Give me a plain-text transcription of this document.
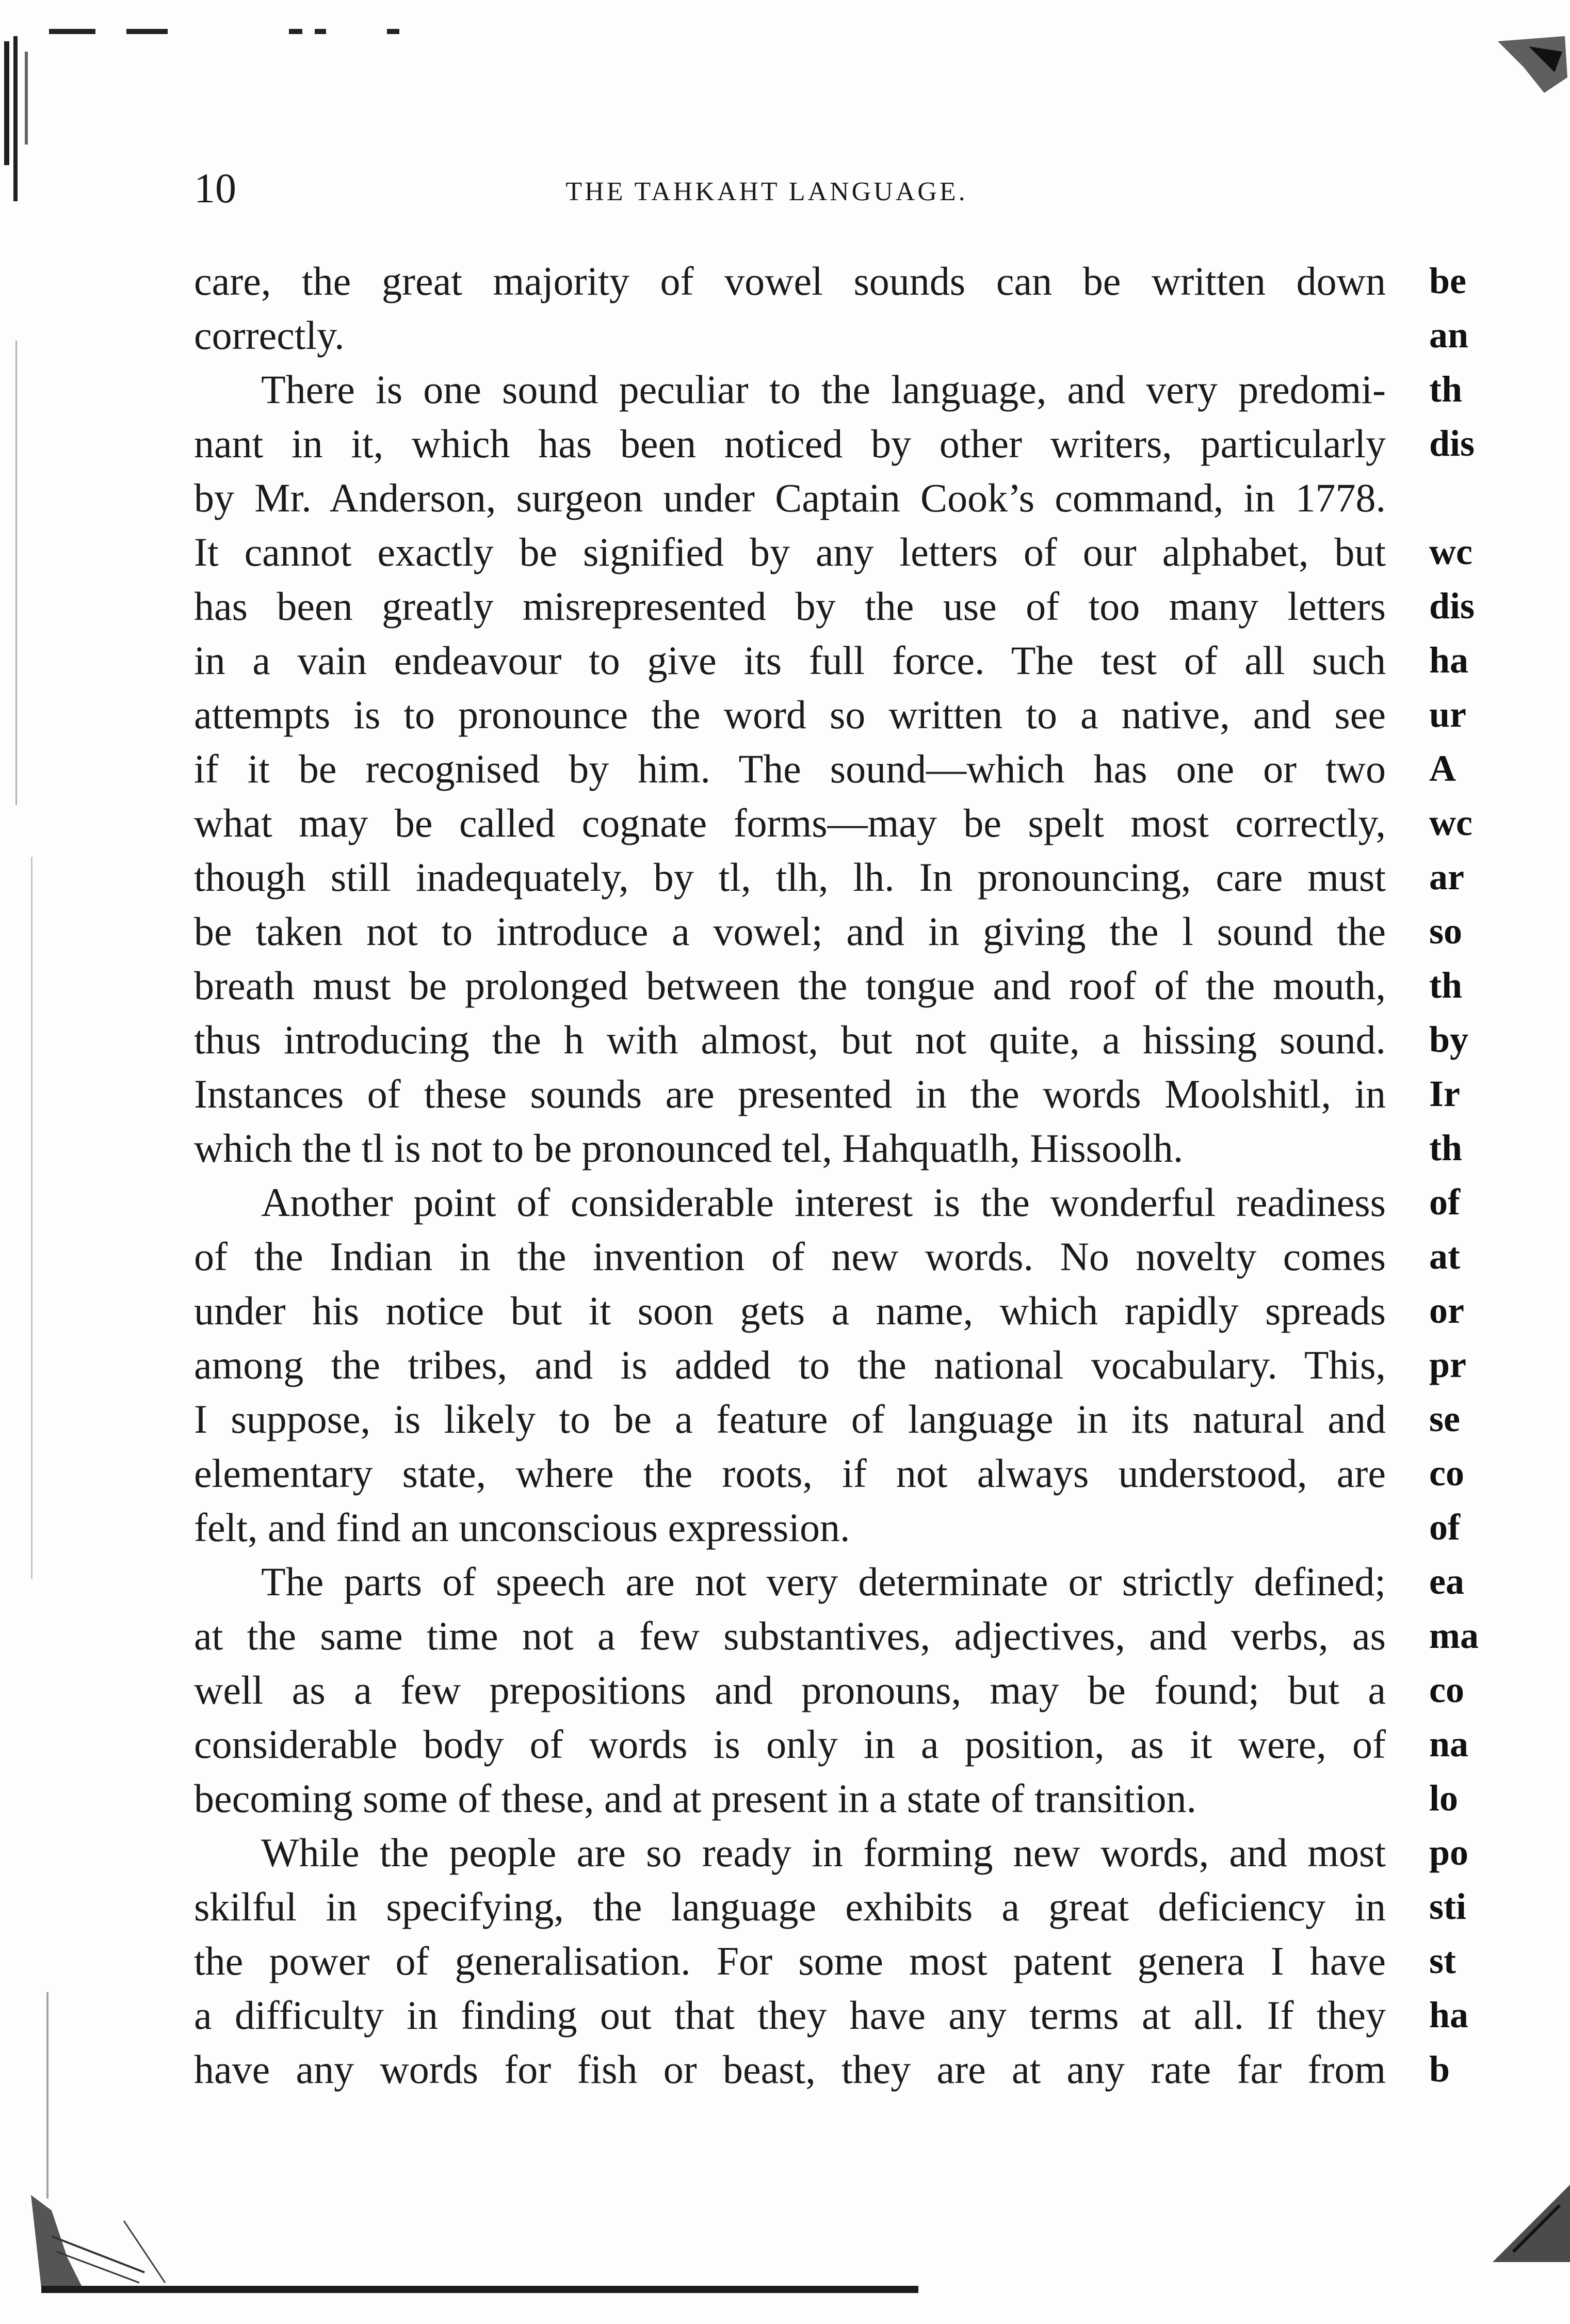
10	THE TAHKAHT LANGUAGE.

care, the great majority of vowel sounds can be written down
correctly.

There is one sound peculiar to the language, and very predomi-
nant in it, which has been noticed by other writers, particularly
by Mr. Anderson, surgeon under Captain Cook’s command, in 1778.
It cannot exactly be signified by any letters of our alphabet, but
has been greatly misrepresented by the use of too many letters
in a vain endeavour to give its full force. The test of all such
attempts is to pronounce the word so written to a native, and see
if it be recognised by him. The sound—which has one or two
what may be called cognate forms—may be spelt most correctly,
though still inadequately, by tl, tlh, lh. In pronouncing, care must
be taken not to introduce a vowel; and in giving the l sound the
breath must be prolonged between the tongue and roof of the mouth,
thus introducing the h with almost, but not quite, a hissing sound.
Instances of these sounds are presented in the words Moolshitl, in
which the tl is not to be pronounced tel, Hahquatlh, Hissoolh.

Another point of considerable interest is the wonderful readiness
of the Indian in the invention of new words. No novelty comes
under his notice but it soon gets a name, which rapidly spreads
among the tribes, and is added to the national vocabulary. This,
I suppose, is likely to be a feature of language in its natural and
elementary state, where the roots, if not always understood, are
felt, and find an unconscious expression.

The parts of speech are not very determinate or strictly defined;
at the same time not a few substantives, adjectives, and verbs, as
well as a few prepositions and pronouns, may be found; but a
considerable body of words is only in a position, as it were, of
becoming some of these, and at present in a state of transition.

While the people are so ready in forming new words, and most
skilful in specifying, the language exhibits a great deficiency in
the power of generalisation. For some most patent genera I have
a difficulty in finding out that they have any terms at all. If they
have any words for fish or beast, they are at any rate far from

be
an
th
dis
wc
dis
ha
ur
A
wc
ar
so
th
by
Ir
th
of
at
or
pr
se
co
of
ea
ma
co
na
lo
po
sti
st
ha
b
